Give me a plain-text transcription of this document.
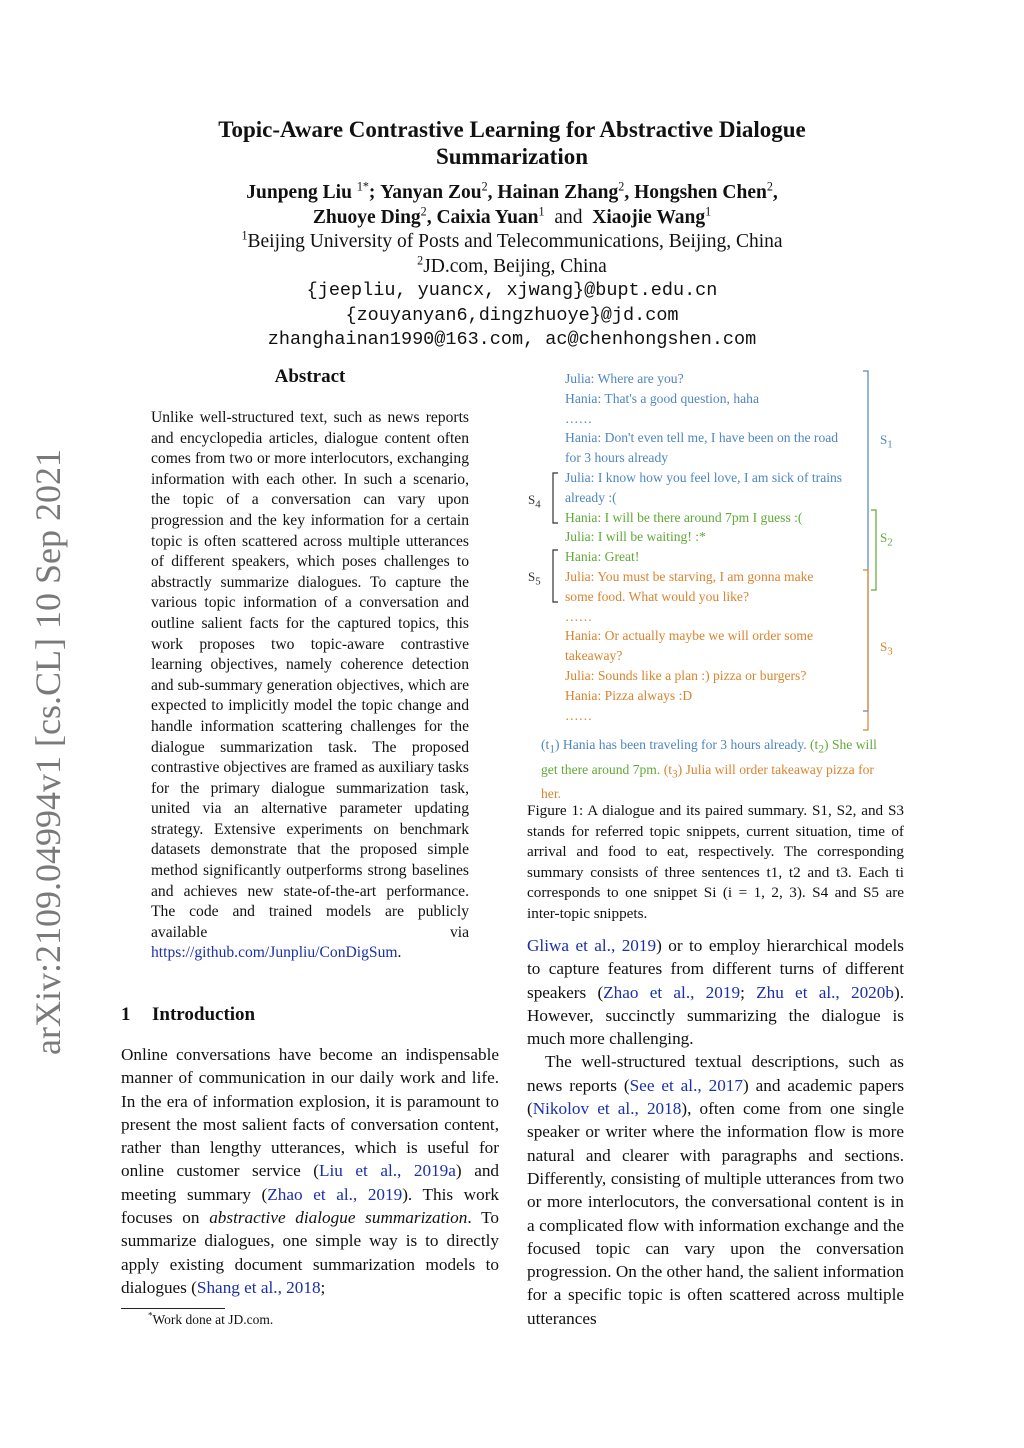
arXiv:2109.04994v1 [cs.CL] 10 Sep 2021
Topic-Aware Contrastive Learning for Abstractive Dialogue Summarization
Junpeng Liu $^{1*}$; Yanyan Zou$^2$, Hainan Zhang$^2$, Hongshen Chen$^2$,
Zhuoye Ding$^2$, Caixia Yuan$^1$ and Xiaojie Wang$^1$
$^1$Beijing University of Posts and Telecommunications, Beijing, China
$^2$JD.com, Beijing, China
{jeepliu, yuancx, xjwang}@bupt.edu.cn
{zouyanyan6,dingzhuoye}@jd.com
zhanghainan1990@163.com, ac@chenhongshen.com
Abstract
Unlike well-structured text, such as news reports and encyclopedia articles, dialogue content often comes from two or more interlocutors, exchanging information with each other. In such a scenario, the topic of a conversation can vary upon progression and the key information for a certain topic is often scattered across multiple utterances of different speakers, which poses challenges to abstractly summarize dialogues. To capture the various topic information of a conversation and outline salient facts for the captured topics, this work proposes two topic-aware contrastive learning objectives, namely coherence detection and sub-summary generation objectives, which are expected to implicitly model the topic change and handle information scattering challenges for the dialogue summarization task. The proposed contrastive objectives are framed as auxiliary tasks for the primary dialogue summarization task, united via an alternative parameter updating strategy. Extensive experiments on benchmark datasets demonstrate that the proposed simple method significantly outperforms strong baselines and achieves new state-of-the-art performance. The code and trained models are publicly available via https://github.com/Junpliu/ConDigSum.
1 Introduction

Online conversations have become an indispensable manner of communication in our daily work and life. In the era of information explosion, it is paramount to present the most salient facts of conversation content, rather than lengthy utterances, which is useful for online customer service (Liu et al., 2019a) and meeting summary (Zhao et al., 2019). This work focuses on abstractive dialogue summarization. To summarize dialogues, one simple way is to directly apply existing document summarization models to dialogues (Shang et al., 2018;

*Work done at JD.com.
Julia: Where are you?
Hania: That's a good question, haha
……
Hania: Don't even tell me, I have been on the road
for 3 hours already
Julia: I know how you feel love, I am sick of trains
already :(
Hania: I will be there around 7pm I guess :(
Julia: I will be waiting! :*
Hania: Great!
Julia: You must be starving, I am gonna make
some food. What would you like?
……
Hania: Or actually maybe we will order some
takeaway?
Julia: Sounds like a plan :) pizza or burgers?
Hania: Pizza always :D
……
$S_1$
$S_2$
$S_3$
$S_4$
$S_5$
$(t_1)$ Hania has been traveling for 3 hours already. $(t_2)$ She will get there around 7pm. $(t_3)$ Julia will order takeaway pizza for her.
Figure 1: A dialogue and its paired summary. S1, S2, and S3 stands for referred topic snippets, current situation, time of arrival and food to eat, respectively. The corresponding summary consists of three sentences t1, t2 and t3. Each ti corresponds to one snippet Si (i = 1, 2, 3). S4 and S5 are inter-topic snippets.

Gliwa et al., 2019) or to employ hierarchical models to capture features from different turns of different speakers (Zhao et al., 2019; Zhu et al., 2020b). However, succinctly summarizing the dialogue is much more challenging.

The well-structured textual descriptions, such as news reports (See et al., 2017) and academic papers (Nikolov et al., 2018), often come from one single speaker or writer where the information flow is more natural and clearer with paragraphs and sections. Differently, consisting of multiple utterances from two or more interlocutors, the conversational content is in a complicated flow with information exchange and the focused topic can vary upon the conversation progression. On the other hand, the salient information for a specific topic is often scattered across multiple utterances
